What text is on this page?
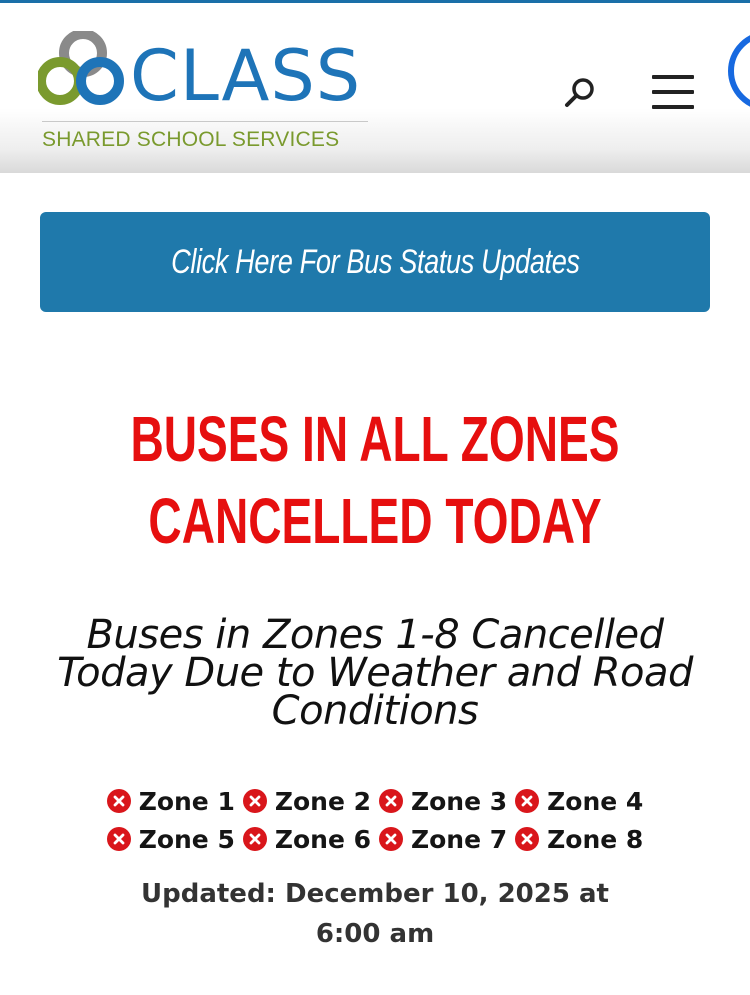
CLASS
SHARED SCHOOL SERVICES
Click Here For Bus Status Updates
BUSES IN ALL ZONES
CANCELLED TODAY
Buses in Zones 1-8 Cancelled Today Due to Weather and Road Conditions
Zone 1 Zone 2 Zone 3 Zone 4
Zone 5 Zone 6 Zone 7 Zone 8
Updated: December 10, 2025 at 6:00 am
